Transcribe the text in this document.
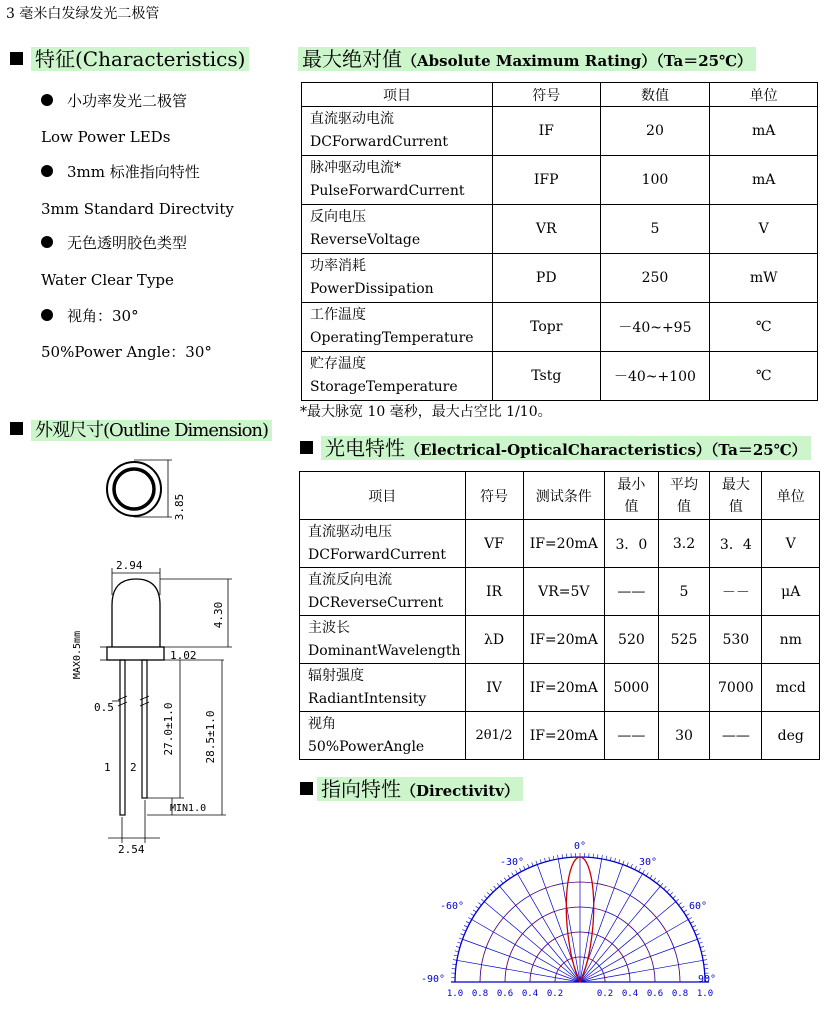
3 毫米白发绿发光二极管
特征(Characteristics)
小功率发光二极管
Low Power LEDs
3mm 标准指向特性
3mm Standard Directvity
无色透明胶色类型
Water Clear Type
视角：30°
50%Power Angle：30°
外观尺寸(Outline Dimension)
3.85
2.94
4.30
1.02
MAX0.5mm
0.5
1 2
27.0±1.0	28.5±1.0
MIN1.0
2.54
最大绝对值（Absolute Maximum Rating）（Ta＝25℃）
项目	符号	数值	单位
直流驱动电流
DCForwardCurrent	IF	20	mA
脉冲驱动电流*
PulseForwardCurrent	IFP	100	mA
反向电压
ReverseVoltage	VR	5	V
功率消耗
PowerDissipation	PD	250	mW
工作温度
OperatingTemperature	Topr	－40~+95	℃
贮存温度
StorageTemperature	Tstg	－40~+100	℃
*最大脉宽 10 毫秒，最大占空比 1/10。
光电特性（Electrical-OpticalCharacteristics）（Ta＝25℃）
项目	符号	测试条件	最小值	平均值	最大值	单位
直流驱动电压
DCForwardCurrent	VF	IF=20mA	3．0	3.2	3．4	V
直流反向电流
DCReverseCurrent	IR	VR=5V	——	5	－－	μA
主波长
DominantWavelength	λD	IF=20mA	520	525	530	nm
辐射强度
RadiantIntensity	IV	IF=20mA	5000		7000	mcd
视角
50%PowerAngle	2θ1/2	IF=20mA	——	30	——	deg
指向特性（Directivitv）
0°
30°
60°
90°
-30°
-60°
-90°
1.0 0.8 0.6 0.4 0.2	0.2 0.4 0.6 0.8 1.0
